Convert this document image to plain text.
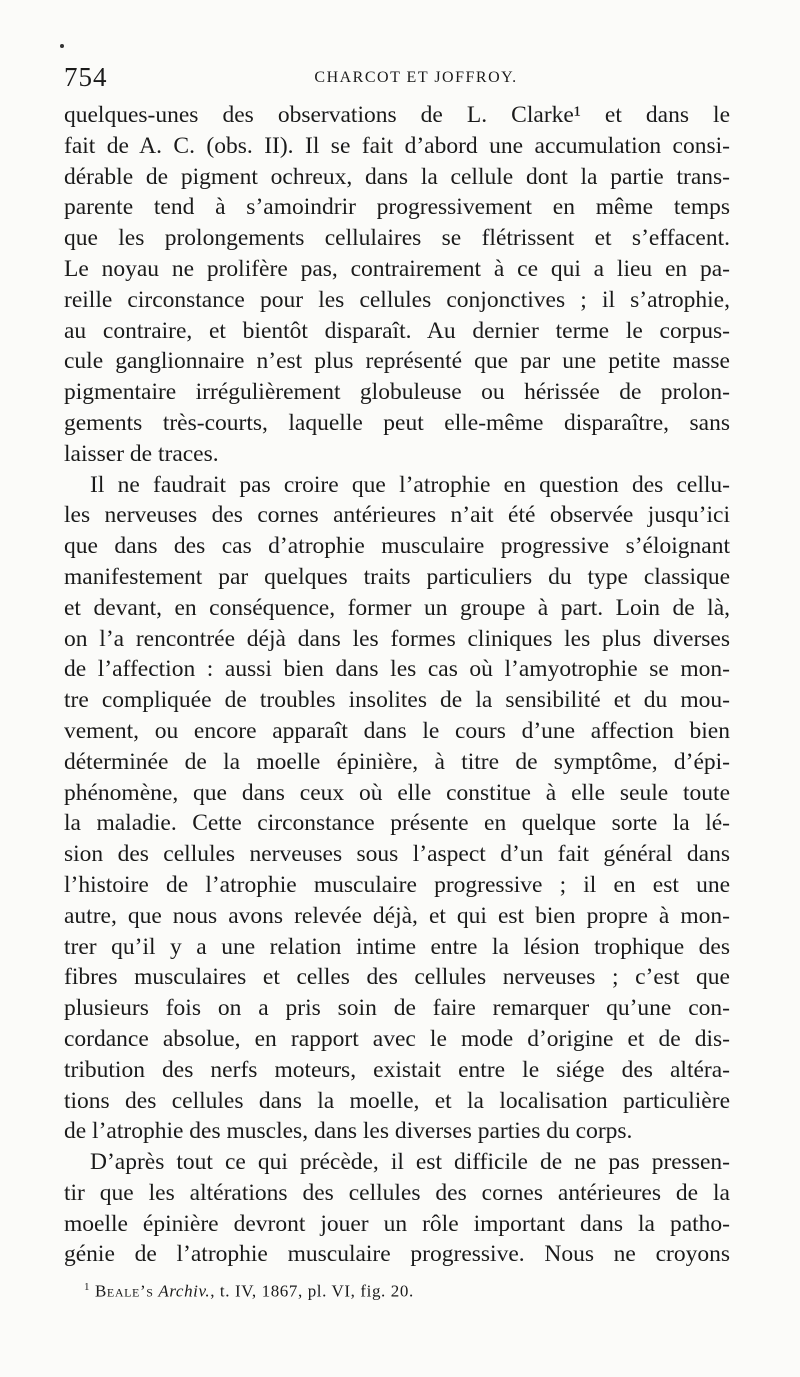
754	CHARCOT ET JOFFROY.
quelques-unes des observations de L. Clarke¹ et dans le
fait de A. C. (obs. II). Il se fait d’abord une accumulation consi-
dérable de pigment ochreux, dans la cellule dont la partie trans-
parente tend à s’amoindrir progressivement en même temps
que les prolongements cellulaires se flétrissent et s’effacent.
Le noyau ne prolifère pas, contrairement à ce qui a lieu en pa-
reille circonstance pour les cellules conjonctives ; il s’atrophie,
au contraire, et bientôt disparaît. Au dernier terme le corpus-
cule ganglionnaire n’est plus représenté que par une petite masse
pigmentaire irrégulièrement globuleuse ou hérissée de prolon-
gements très-courts, laquelle peut elle-même disparaître, sans
laisser de traces.
Il ne faudrait pas croire que l’atrophie en question des cellu-
les nerveuses des cornes antérieures n’ait été observée jusqu’ici
que dans des cas d’atrophie musculaire progressive s’éloignant
manifestement par quelques traits particuliers du type classique
et devant, en conséquence, former un groupe à part. Loin de là,
on l’a rencontrée déjà dans les formes cliniques les plus diverses
de l’affection : aussi bien dans les cas où l’amyotrophie se mon-
tre compliquée de troubles insolites de la sensibilité et du mou-
vement, ou encore apparaît dans le cours d’une affection bien
déterminée de la moelle épinière, à titre de symptôme, d’épi-
phénomène, que dans ceux où elle constitue à elle seule toute
la maladie. Cette circonstance présente en quelque sorte la lé-
sion des cellules nerveuses sous l’aspect d’un fait général dans
l’histoire de l’atrophie musculaire progressive ; il en est une
autre, que nous avons relevée déjà, et qui est bien propre à mon-
trer qu’il y a une relation intime entre la lésion trophique des
fibres musculaires et celles des cellules nerveuses ; c’est que
plusieurs fois on a pris soin de faire remarquer qu’une con-
cordance absolue, en rapport avec le mode d’origine et de dis-
tribution des nerfs moteurs, existait entre le siége des altéra-
tions des cellules dans la moelle, et la localisation particulière
de l’atrophie des muscles, dans les diverses parties du corps.
D’après tout ce qui précède, il est difficile de ne pas pressen-
tir que les altérations des cellules des cornes antérieures de la
moelle épinière devront jouer un rôle important dans la patho-
génie de l’atrophie musculaire progressive. Nous ne croyons
$^1$ Beale’s Archiv., t. IV, 1867, pl. VI, fig. 20.
